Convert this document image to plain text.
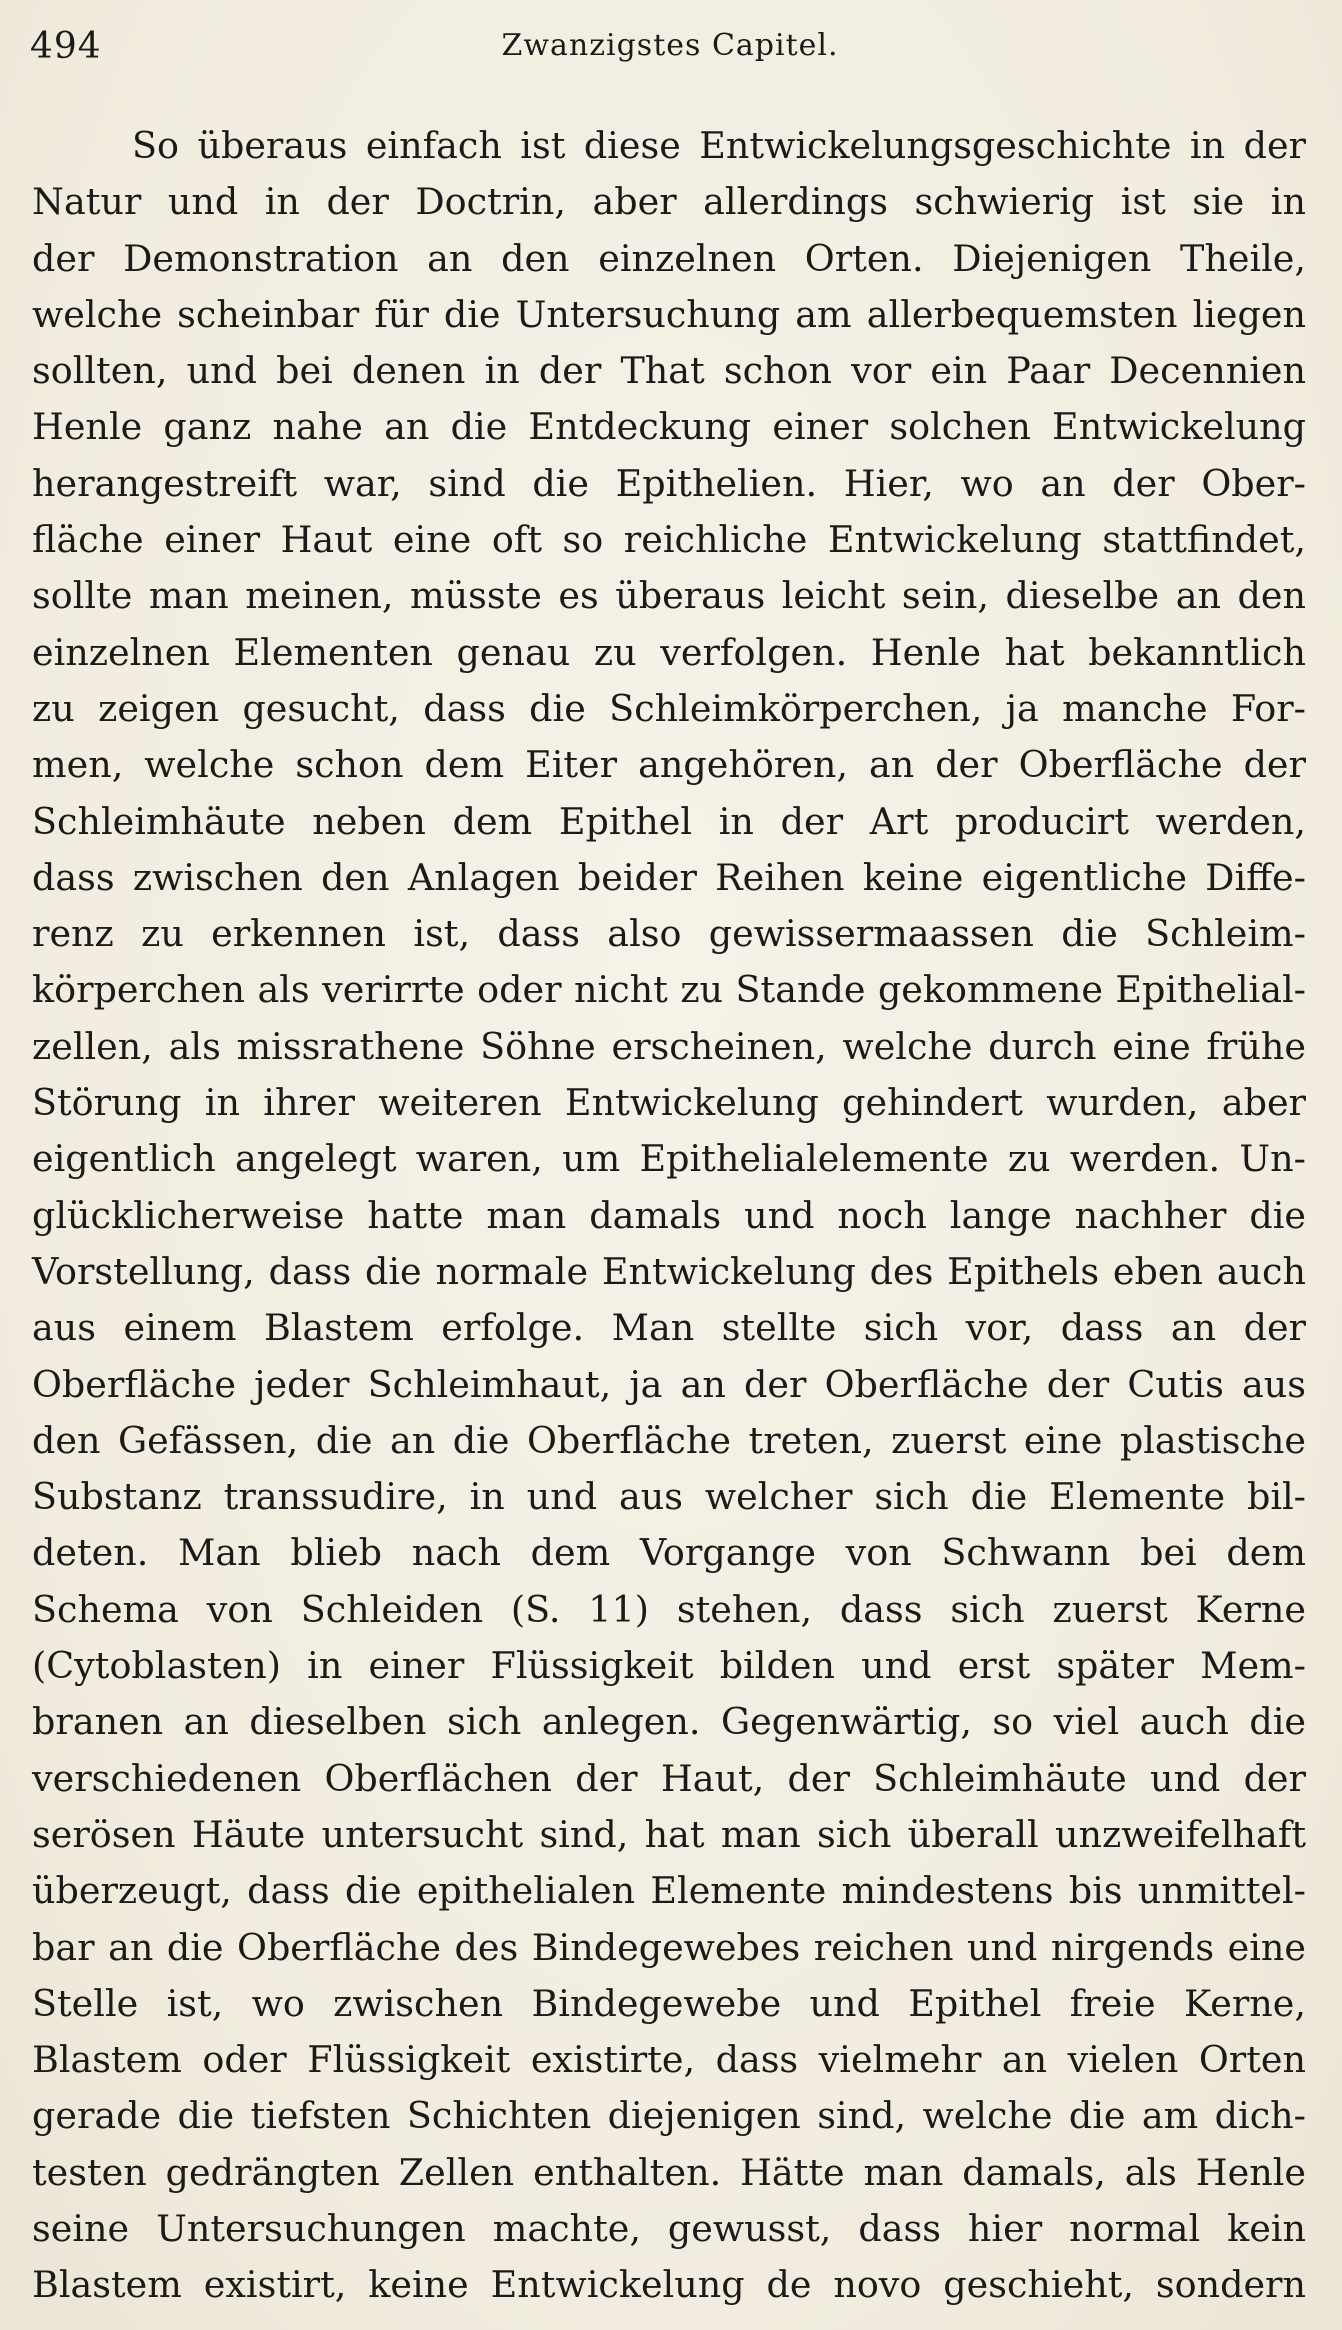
494	Zwanzigstes Capitel.
So überaus einfach ist diese Entwickelungsgeschichte in der
Natur und in der Doctrin, aber allerdings schwierig ist sie in
der Demonstration an den einzelnen Orten. Diejenigen Theile,
welche scheinbar für die Untersuchung am allerbequemsten liegen
sollten, und bei denen in der That schon vor ein Paar Decennien
Henle ganz nahe an die Entdeckung einer solchen Entwickelung
herangestreift war, sind die Epithelien. Hier, wo an der Ober-
fläche einer Haut eine oft so reichliche Entwickelung stattfindet,
sollte man meinen, müsste es überaus leicht sein, dieselbe an den
einzelnen Elementen genau zu verfolgen. Henle hat bekanntlich
zu zeigen gesucht, dass die Schleimkörperchen, ja manche For-
men, welche schon dem Eiter angehören, an der Oberfläche der
Schleimhäute neben dem Epithel in der Art producirt werden,
dass zwischen den Anlagen beider Reihen keine eigentliche Diffe-
renz zu erkennen ist, dass also gewissermaassen die Schleim-
körperchen als verirrte oder nicht zu Stande gekommene Epithelial-
zellen, als missrathene Söhne erscheinen, welche durch eine frühe
Störung in ihrer weiteren Entwickelung gehindert wurden, aber
eigentlich angelegt waren, um Epithelialelemente zu werden. Un-
glücklicherweise hatte man damals und noch lange nachher die
Vorstellung, dass die normale Entwickelung des Epithels eben auch
aus einem Blastem erfolge. Man stellte sich vor, dass an der
Oberfläche jeder Schleimhaut, ja an der Oberfläche der Cutis aus
den Gefässen, die an die Oberfläche treten, zuerst eine plastische
Substanz transsudire, in und aus welcher sich die Elemente bil-
deten. Man blieb nach dem Vorgange von Schwann bei dem
Schema von Schleiden (S. 11) stehen, dass sich zuerst Kerne
(Cytoblasten) in einer Flüssigkeit bilden und erst später Mem-
branen an dieselben sich anlegen. Gegenwärtig, so viel auch die
verschiedenen Oberflächen der Haut, der Schleimhäute und der
serösen Häute untersucht sind, hat man sich überall unzweifelhaft
überzeugt, dass die epithelialen Elemente mindestens bis unmittel-
bar an die Oberfläche des Bindegewebes reichen und nirgends eine
Stelle ist, wo zwischen Bindegewebe und Epithel freie Kerne,
Blastem oder Flüssigkeit existirte, dass vielmehr an vielen Orten
gerade die tiefsten Schichten diejenigen sind, welche die am dich-
testen gedrängten Zellen enthalten. Hätte man damals, als Henle
seine Untersuchungen machte, gewusst, dass hier normal kein
Blastem existirt, keine Entwickelung de novo geschieht, sondern
